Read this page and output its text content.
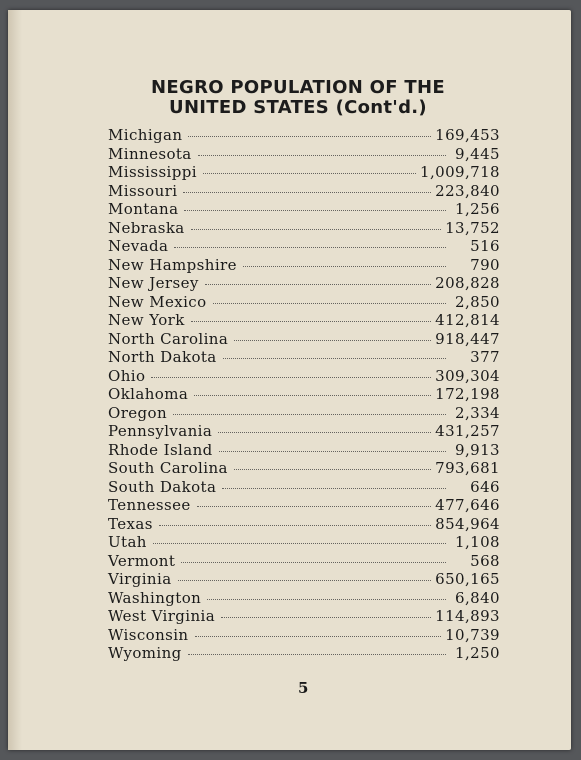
NEGRO POPULATION OF THE
UNITED STATES (Cont'd.)
Michigan	169,453
Minnesota	9,445
Mississippi	1,009,718
Missouri	223,840
Montana	1,256
Nebraska	13,752
Nevada	516
New Hampshire	790
New Jersey	208,828
New Mexico	2,850
New York	412,814
North Carolina	918,447
North Dakota	377
Ohio	309,304
Oklahoma	172,198
Oregon	2,334
Pennsylvania	431,257
Rhode Island	9,913
South Carolina	793,681
South Dakota	646
Tennessee	477,646
Texas	854,964
Utah	1,108
Vermont	568
Virginia	650,165
Washington	6,840
West Virginia	114,893
Wisconsin	10,739
Wyoming	1,250
5
